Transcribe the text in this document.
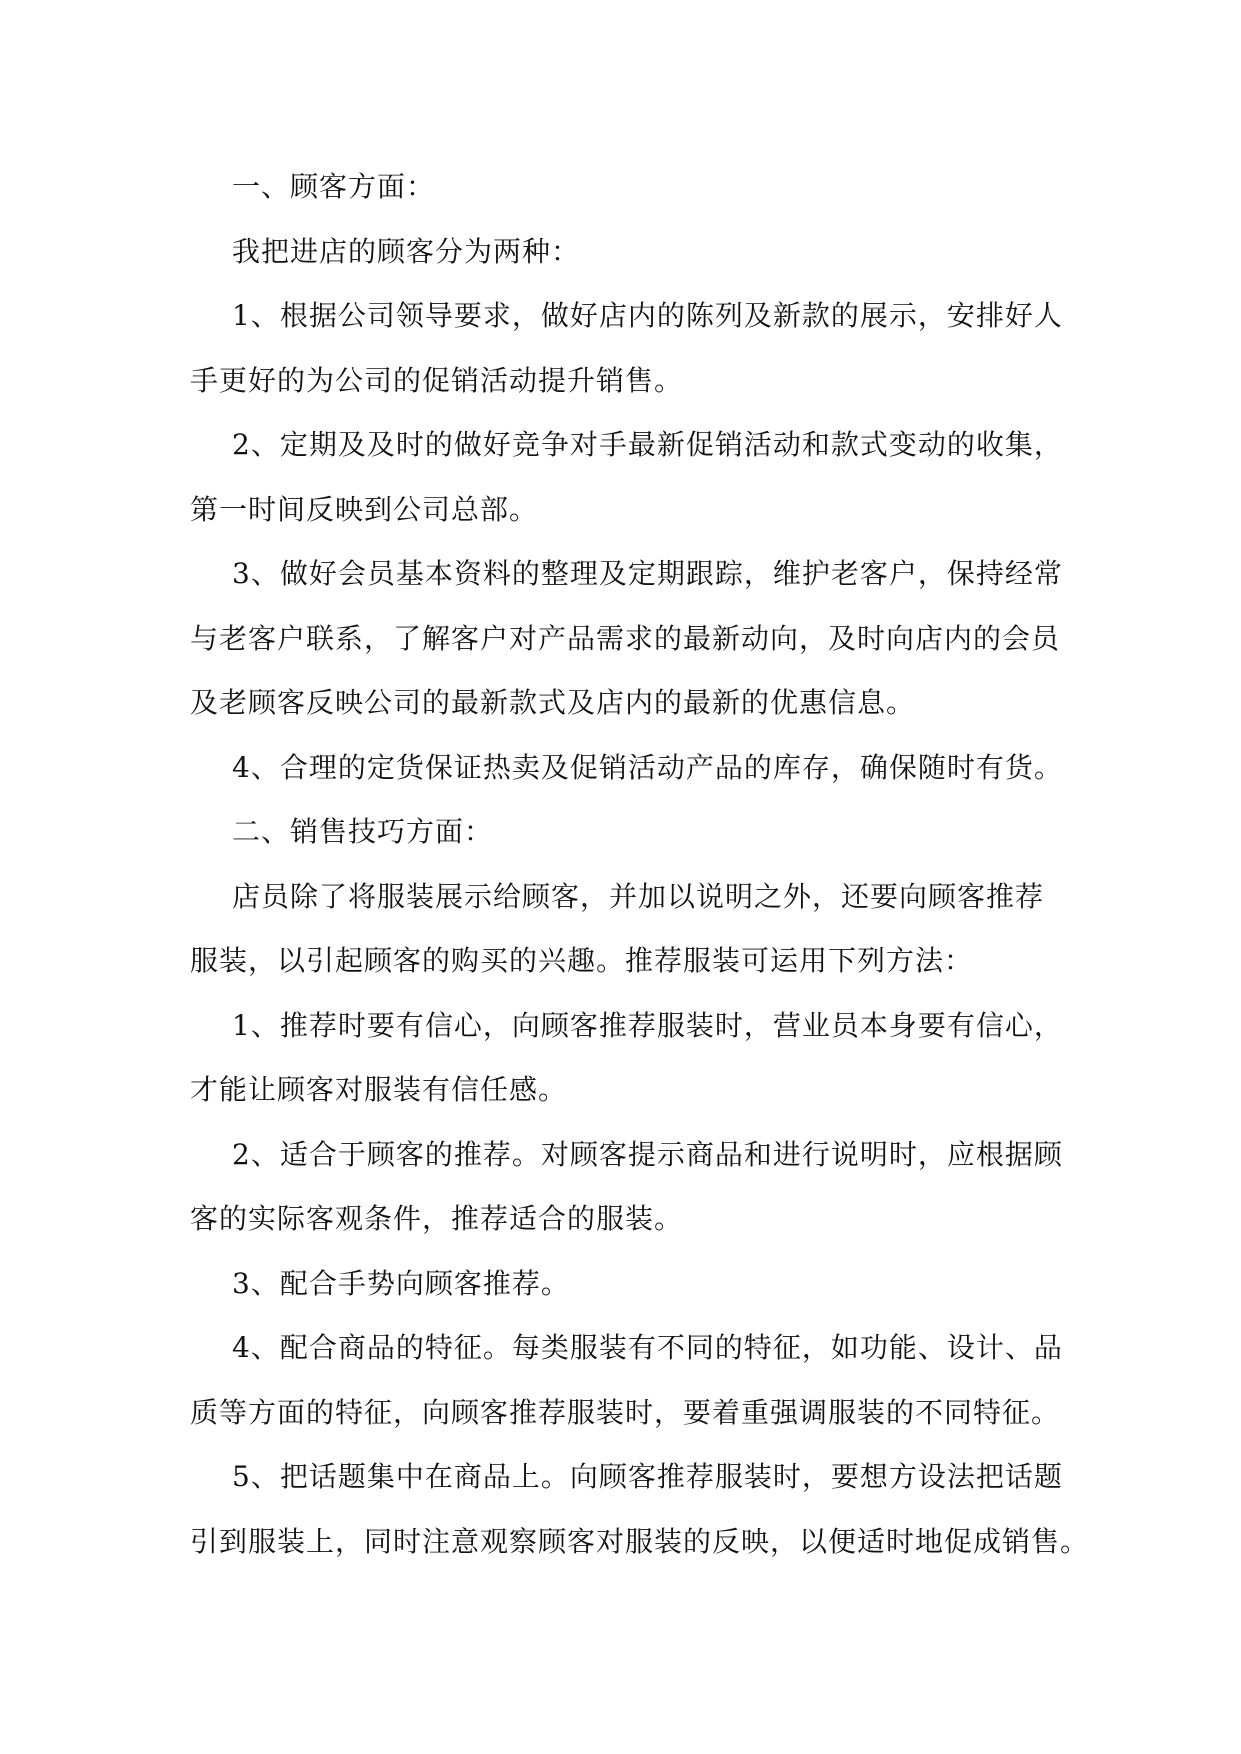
一、顾客方面：
我把进店的顾客分为两种：
1、根据公司领导要求，做好店内的陈列及新款的展示，安排好人
手更好的为公司的促销活动提升销售。
2、定期及及时的做好竞争对手最新促销活动和款式变动的收集，
第一时间反映到公司总部。
3、做好会员基本资料的整理及定期跟踪，维护老客户，保持经常
与老客户联系，了解客户对产品需求的最新动向，及时向店内的会员
及老顾客反映公司的最新款式及店内的最新的优惠信息。
4、合理的定货保证热卖及促销活动产品的库存，确保随时有货。
二、销售技巧方面：
店员除了将服装展示给顾客，并加以说明之外，还要向顾客推荐
服装，以引起顾客的购买的兴趣。推荐服装可运用下列方法：
1、推荐时要有信心，向顾客推荐服装时，营业员本身要有信心，
才能让顾客对服装有信任感。
2、适合于顾客的推荐。对顾客提示商品和进行说明时，应根据顾
客的实际客观条件，推荐适合的服装。
3、配合手势向顾客推荐。
4、配合商品的特征。每类服装有不同的特征，如功能、设计、品
质等方面的特征，向顾客推荐服装时，要着重强调服装的不同特征。
5、把话题集中在商品上。向顾客推荐服装时，要想方设法把话题
引到服装上，同时注意观察顾客对服装的反映，以便适时地促成销售。
